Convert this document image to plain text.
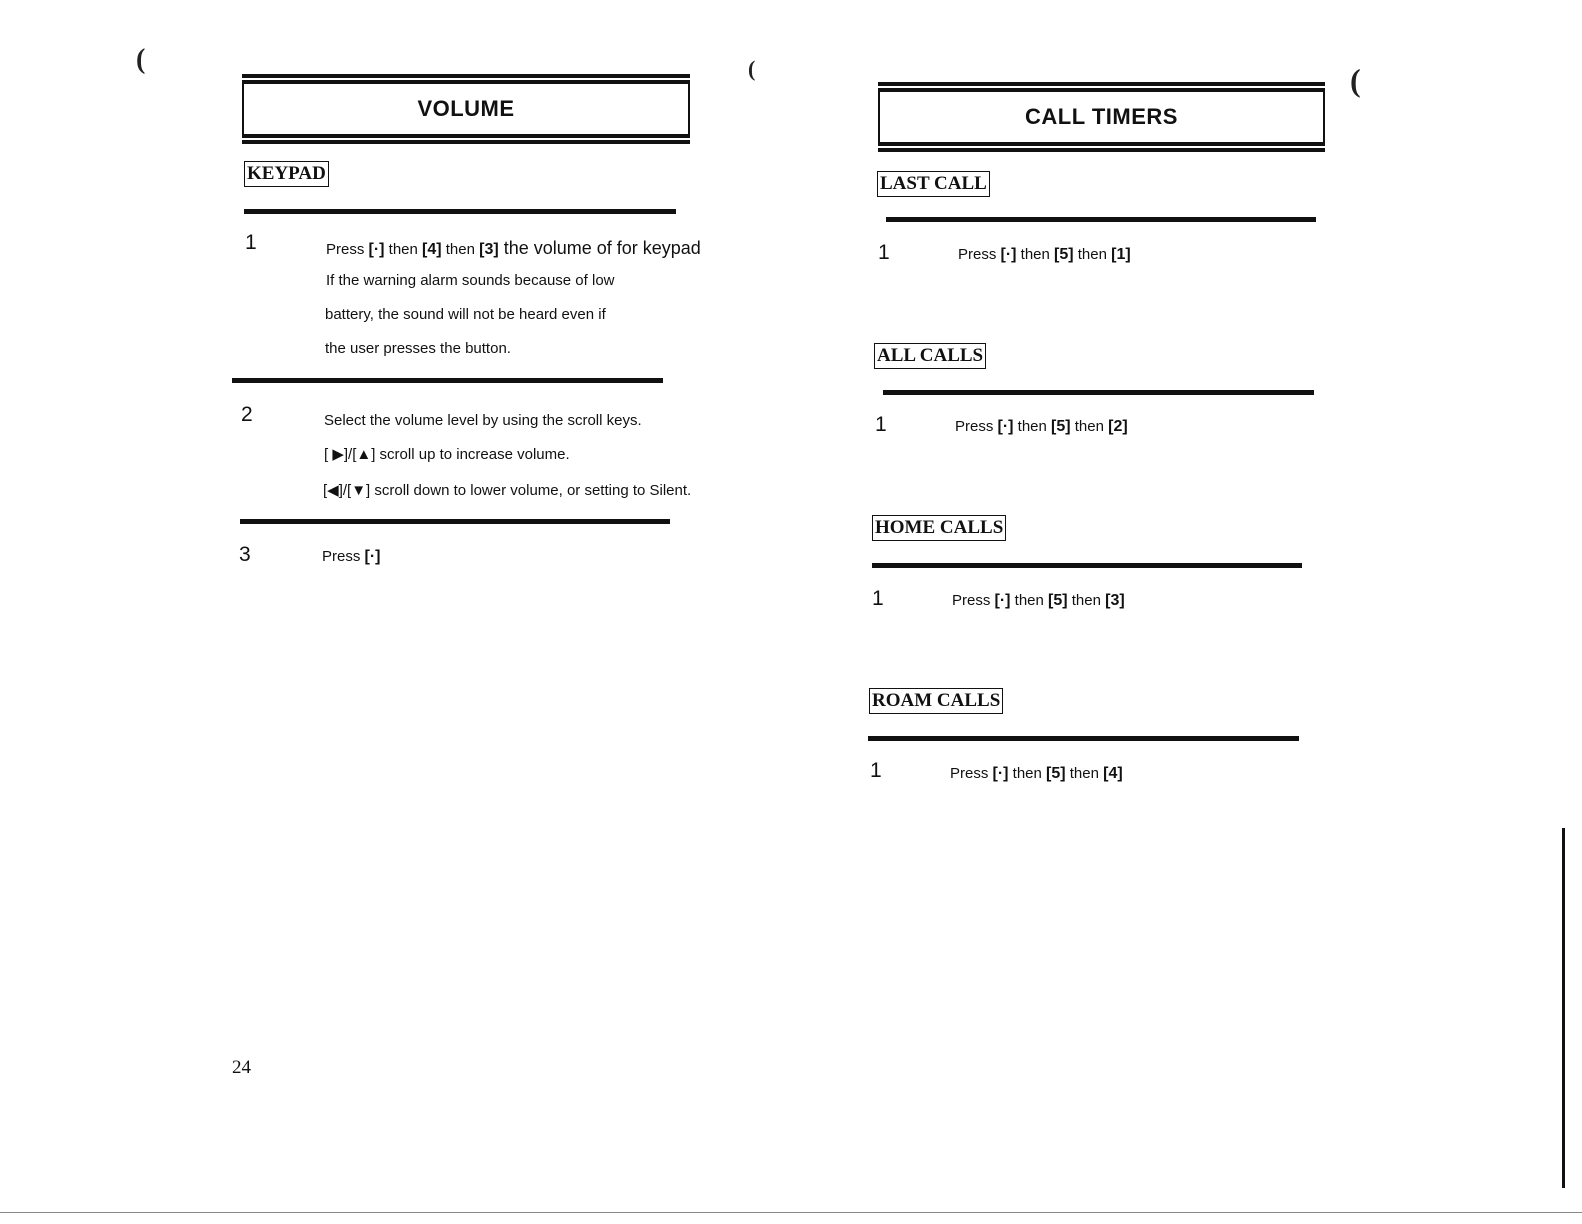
(	(	(
VOLUME
KEYPAD
1	Press [·] then [4] then [3] the volume of for keypad
If the warning alarm sounds because of low
battery, the sound will not be heard even if
the user presses the button.
2	Select the volume level by using the scroll keys.
[ ▶]/[▲] scroll up to increase volume.
[◀]/[▼] scroll down to lower volume, or setting to Silent.
3	Press [·]
24
CALL TIMERS
LAST CALL
1	Press [·] then [5] then [1]
ALL CALLS
1	Press [·] then [5] then [2]
HOME CALLS
1	Press [·] then [5] then [3]
ROAM CALLS
1	Press [·] then [5] then [4]
